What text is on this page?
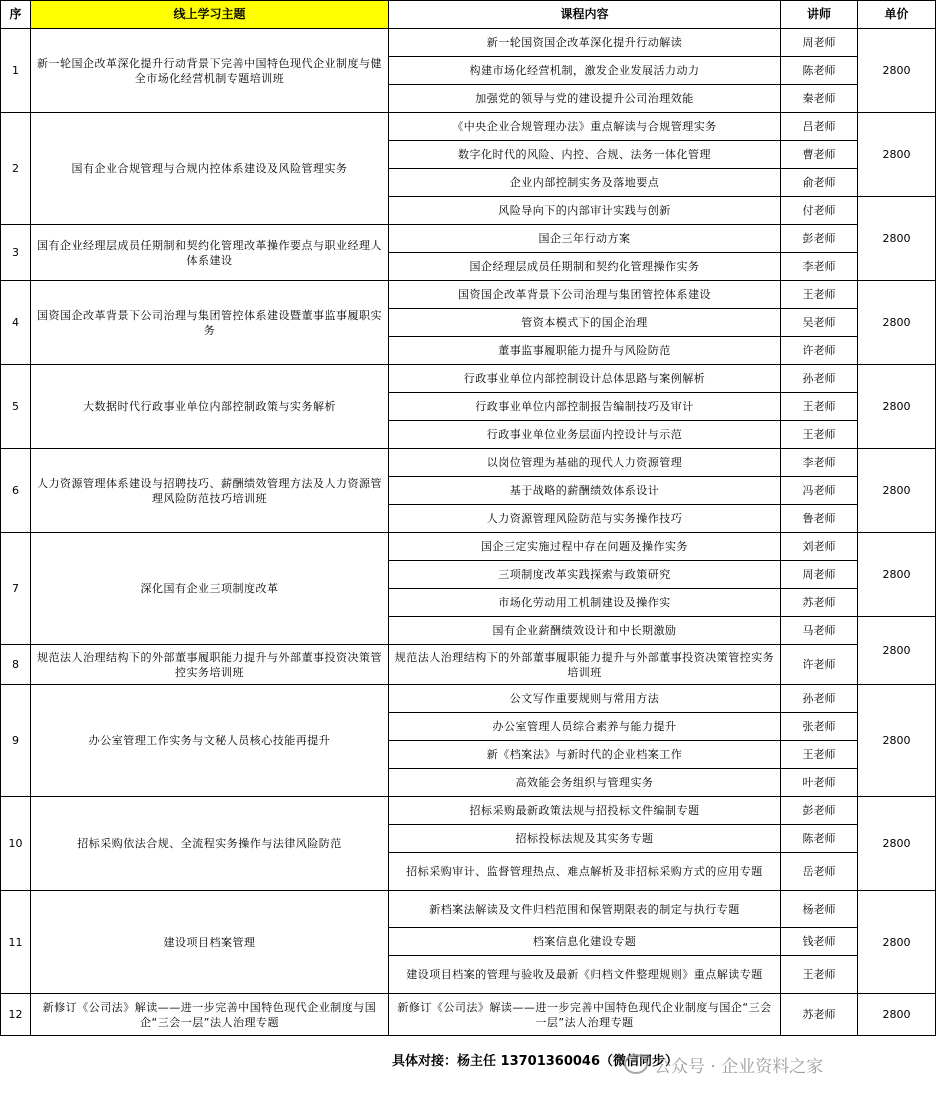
序	线上学习主题	课程内容	讲师	单价
1	新一轮国企改革深化提升行动背景下完善中国特色现代企业制度与健全市场化经营机制专题培训班	新一轮国资国企改革深化提升行动解读	周老师	2800
		构建市场化经营机制，激发企业发展活力动力	陈老师	
		加强党的领导与党的建设提升公司治理效能	秦老师	
2	国有企业合规管理与合规内控体系建设及风险管理实务	《中央企业合规管理办法》重点解读与合规管理实务	吕老师	2800
		数字化时代的风险、内控、合规、法务一体化管理	曹老师	
		企业内部控制实务及落地要点	俞老师	
		风险导向下的内部审计实践与创新	付老师	2800
3	国有企业经理层成员任期制和契约化管理改革操作要点与职业经理人体系建设	国企三年行动方案	彭老师	
		国企经理层成员任期制和契约化管理操作实务	李老师	
4	国资国企改革背景下公司治理与集团管控体系建设暨董事监事履职实务	国资国企改革背景下公司治理与集团管控体系建设	王老师	2800
		管资本模式下的国企治理	吴老师	
		董事监事履职能力提升与风险防范	许老师	
5	大数据时代行政事业单位内部控制政策与实务解析	行政事业单位内部控制设计总体思路与案例解析	孙老师	2800
		行政事业单位内部控制报告编制技巧及审计	王老师	
		行政事业单位业务层面内控设计与示范	王老师	
6	人力资源管理体系建设与招聘技巧、薪酬绩效管理方法及人力资源管理风险防范技巧培训班	以岗位管理为基础的现代人力资源管理	李老师	2800
		基于战略的薪酬绩效体系设计	冯老师	
		人力资源管理风险防范与实务操作技巧	鲁老师	
7	深化国有企业三项制度改革	国企三定实施过程中存在问题及操作实务	刘老师	2800
		三项制度改革实践探索与政策研究	周老师	
		市场化劳动用工机制建设及操作实	苏老师	
		国有企业薪酬绩效设计和中长期激励	马老师	2800
8	规范法人治理结构下的外部董事履职能力提升与外部董事投资决策管控实务培训班	规范法人治理结构下的外部董事履职能力提升与外部董事投资决策管控实务培训班	许老师	
9	办公室管理工作实务与文秘人员核心技能再提升	公文写作重要规则与常用方法	孙老师	2800
		办公室管理人员综合素养与能力提升	张老师	
		新《档案法》与新时代的企业档案工作	王老师	
		高效能会务组织与管理实务	叶老师	
10	招标采购依法合规、全流程实务操作与法律风险防范	招标采购最新政策法规与招投标文件编制专题	彭老师	2800
		招标投标法规及其实务专题	陈老师	
		招标采购审计、监督管理热点、难点解析及非招标采购方式的应用专题	岳老师	
11	建设项目档案管理	新档案法解读及文件归档范围和保管期限表的制定与执行专题	杨老师	2800
		档案信息化建设专题	钱老师	
		建设项目档案的管理与验收及最新《归档文件整理规则》重点解读专题	王老师	
12	新修订《公司法》解读——进一步完善中国特色现代企业制度与国企“三会一层”法人治理专题	新修订《公司法》解读——进一步完善中国特色现代企业制度与国企“三会一层”法人治理专题	苏老师	2800
具体对接：杨主任 13701360046（微信同步）
公众号 · 企业资料之家
